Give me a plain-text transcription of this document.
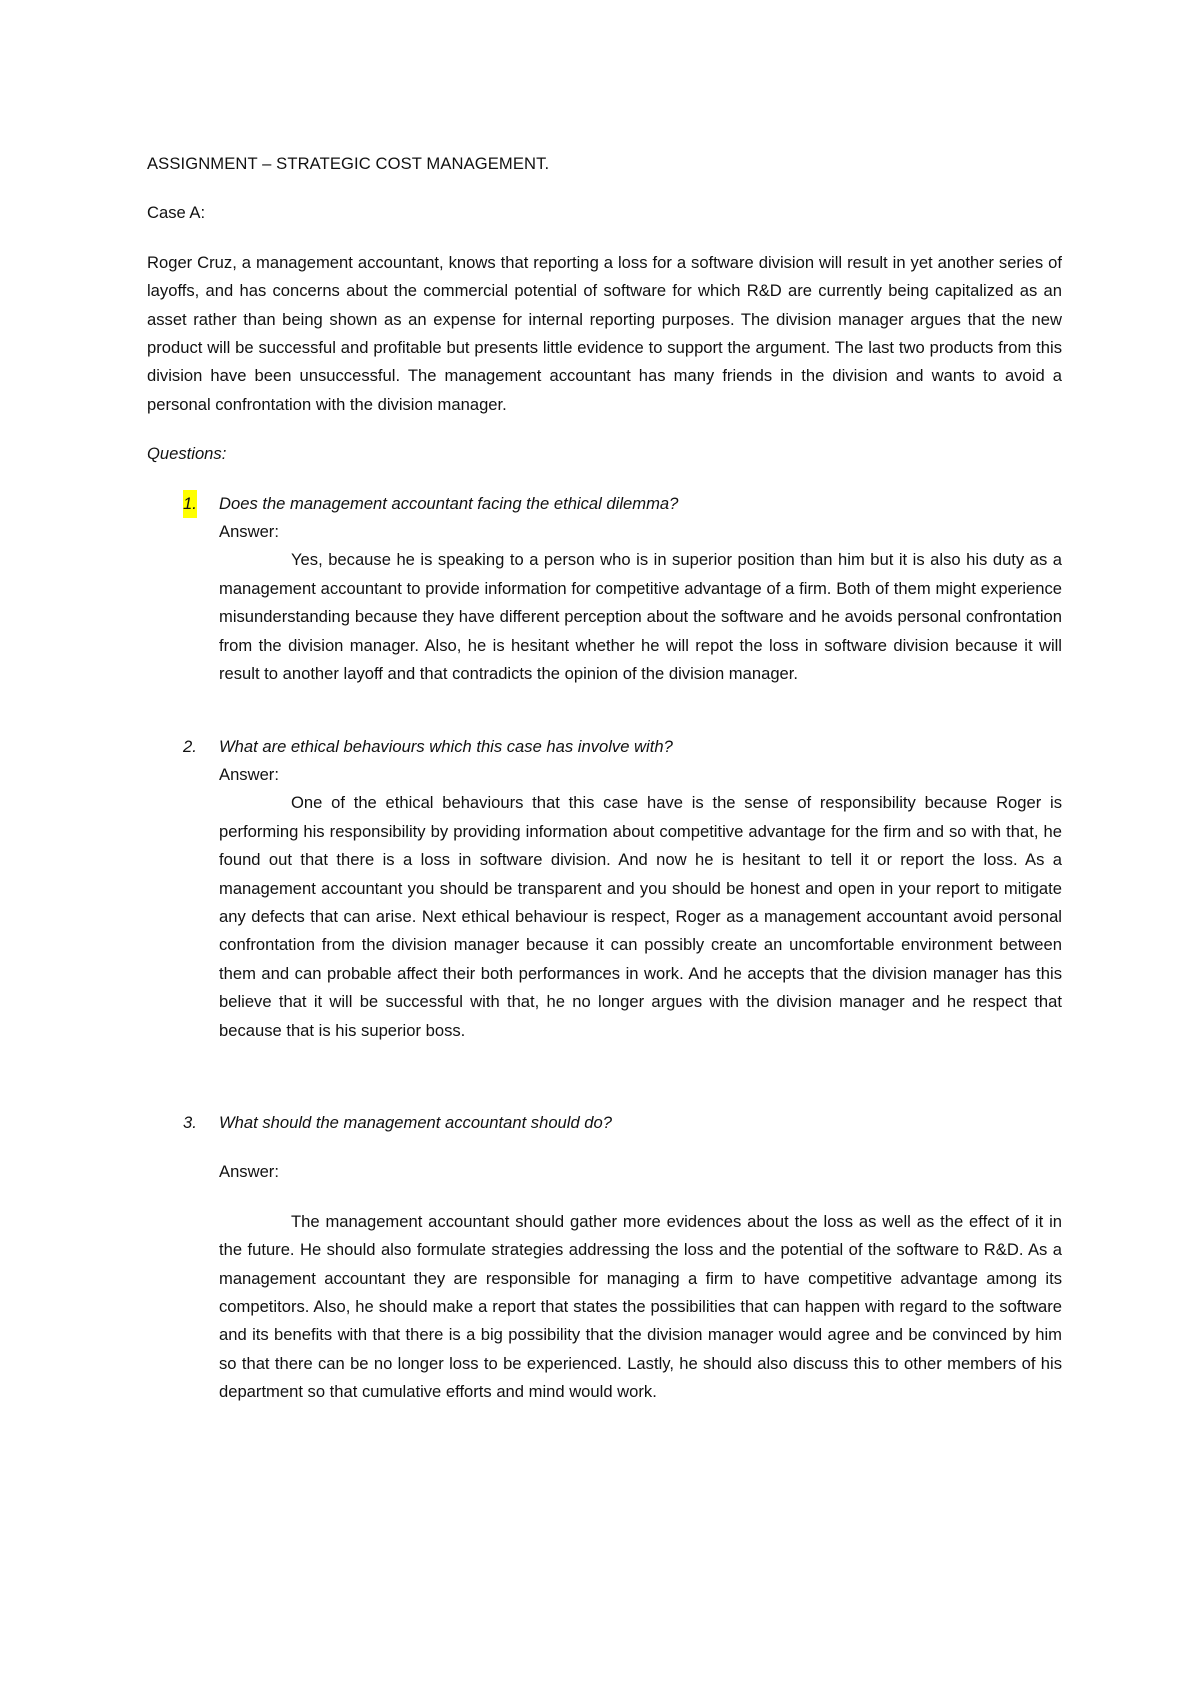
ASSIGNMENT – STRATEGIC COST MANAGEMENT.
Case A:
Roger Cruz, a management accountant, knows that reporting a loss for a software division will result in yet another series of layoffs, and has concerns about the commercial potential of software for which R&D are currently being capitalized as an asset rather than being shown as an expense for internal reporting purposes. The division manager argues that the new product will be successful and profitable but presents little evidence to support the argument. The last two products from this division have been unsuccessful. The management accountant has many friends in the division and wants to avoid a personal confrontation with the division manager.
Questions:
1. Does the management accountant facing the ethical dilemma?
Answer:
Yes, because he is speaking to a person who is in superior position than him but it is also his duty as a management accountant to provide information for competitive advantage of a firm. Both of them might experience misunderstanding because they have different perception about the software and he avoids personal confrontation from the division manager. Also, he is hesitant whether he will repot the loss in software division because it will result to another layoff and that contradicts the opinion of the division manager.
2. What are ethical behaviours which this case has involve with?
Answer:
One of the ethical behaviours that this case have is the sense of responsibility because Roger is performing his responsibility by providing information about competitive advantage for the firm and so with that, he found out that there is a loss in software division. And now he is hesitant to tell it or report the loss. As a management accountant you should be transparent and you should be honest and open in your report to mitigate any defects that can arise. Next ethical behaviour is respect, Roger as a management accountant avoid personal confrontation from the division manager because it can possibly create an uncomfortable environment between them and can probable affect their both performances in work. And he accepts that the division manager has this believe that it will be successful with that, he no longer argues with the division manager and he respect that because that is his superior boss.
3. What should the management accountant should do?
Answer:
The management accountant should gather more evidences about the loss as well as the effect of it in the future. He should also formulate strategies addressing the loss and the potential of the software to R&D. As a management accountant they are responsible for managing a firm to have competitive advantage among its competitors. Also, he should make a report that states the possibilities that can happen with regard to the software and its benefits with that there is a big possibility that the division manager would agree and be convinced by him so that there can be no longer loss to be experienced. Lastly, he should also discuss this to other members of his department so that cumulative efforts and mind would work.
